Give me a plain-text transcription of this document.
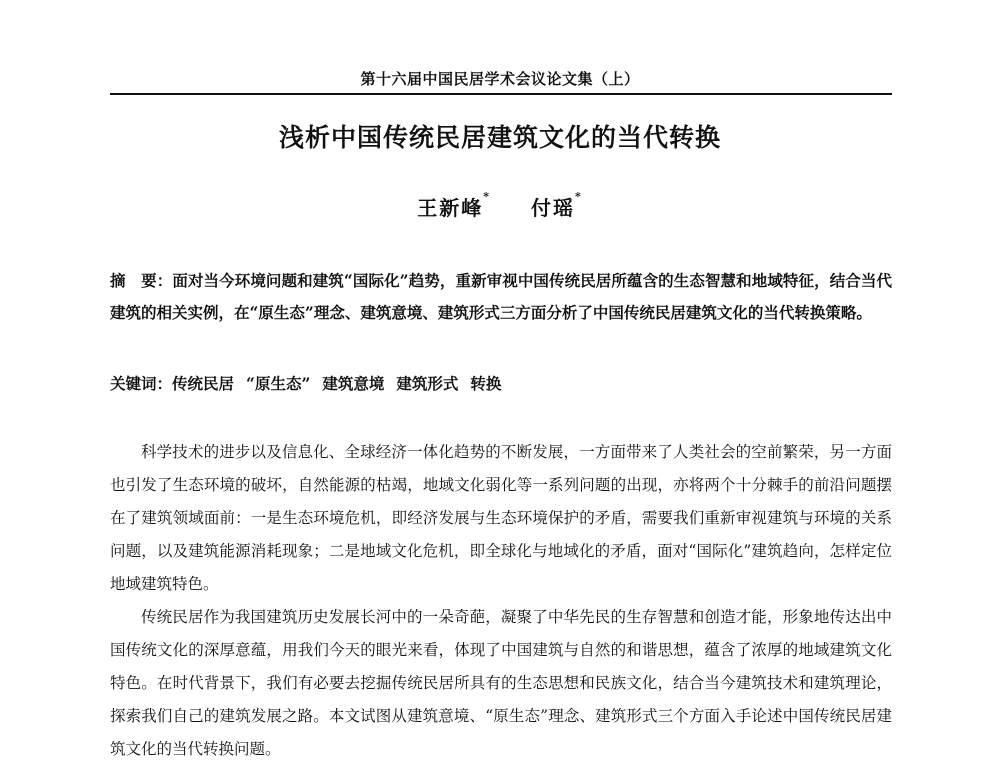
第十六届中国民居学术会议论文集（上）
浅析中国传统民居建筑文化的当代转换
王新峰* 付瑶*
摘　要：面对当今环境问题和建筑“国际化”趋势，重新审视中国传统民居所蕴含的生态智慧和地域特征，结合当代建筑的相关实例，在“原生态”理念、建筑意境、建筑形式三方面分析了中国传统民居建筑文化的当代转换策略。
关键词：传统民居 “原生态” 建筑意境 建筑形式 转换

科学技术的进步以及信息化、全球经济一体化趋势的不断发展，一方面带来了人类社会的空前繁荣，另一方面也引发了生态环境的破坏，自然能源的枯竭，地域文化弱化等一系列问题的出现，亦将两个十分棘手的前沿问题摆在了建筑领域面前：一是生态环境危机，即经济发展与生态环境保护的矛盾，需要我们重新审视建筑与环境的关系问题，以及建筑能源消耗现象；二是地域文化危机，即全球化与地域化的矛盾，面对“国际化”建筑趋向，怎样定位地域建筑特色。

传统民居作为我国建筑历史发展长河中的一朵奇葩，凝聚了中华先民的生存智慧和创造才能，形象地传达出中国传统文化的深厚意蕴，用我们今天的眼光来看，体现了中国建筑与自然的和谐思想，蕴含了浓厚的地域建筑文化特色。在时代背景下，我们有必要去挖掘传统民居所具有的生态思想和民族文化，结合当今建筑技术和建筑理论，探索我们自己的建筑发展之路。本文试图从建筑意境、“原生态”理念、建筑形式三个方面入手论述中国传统民居建筑文化的当代转换问题。
